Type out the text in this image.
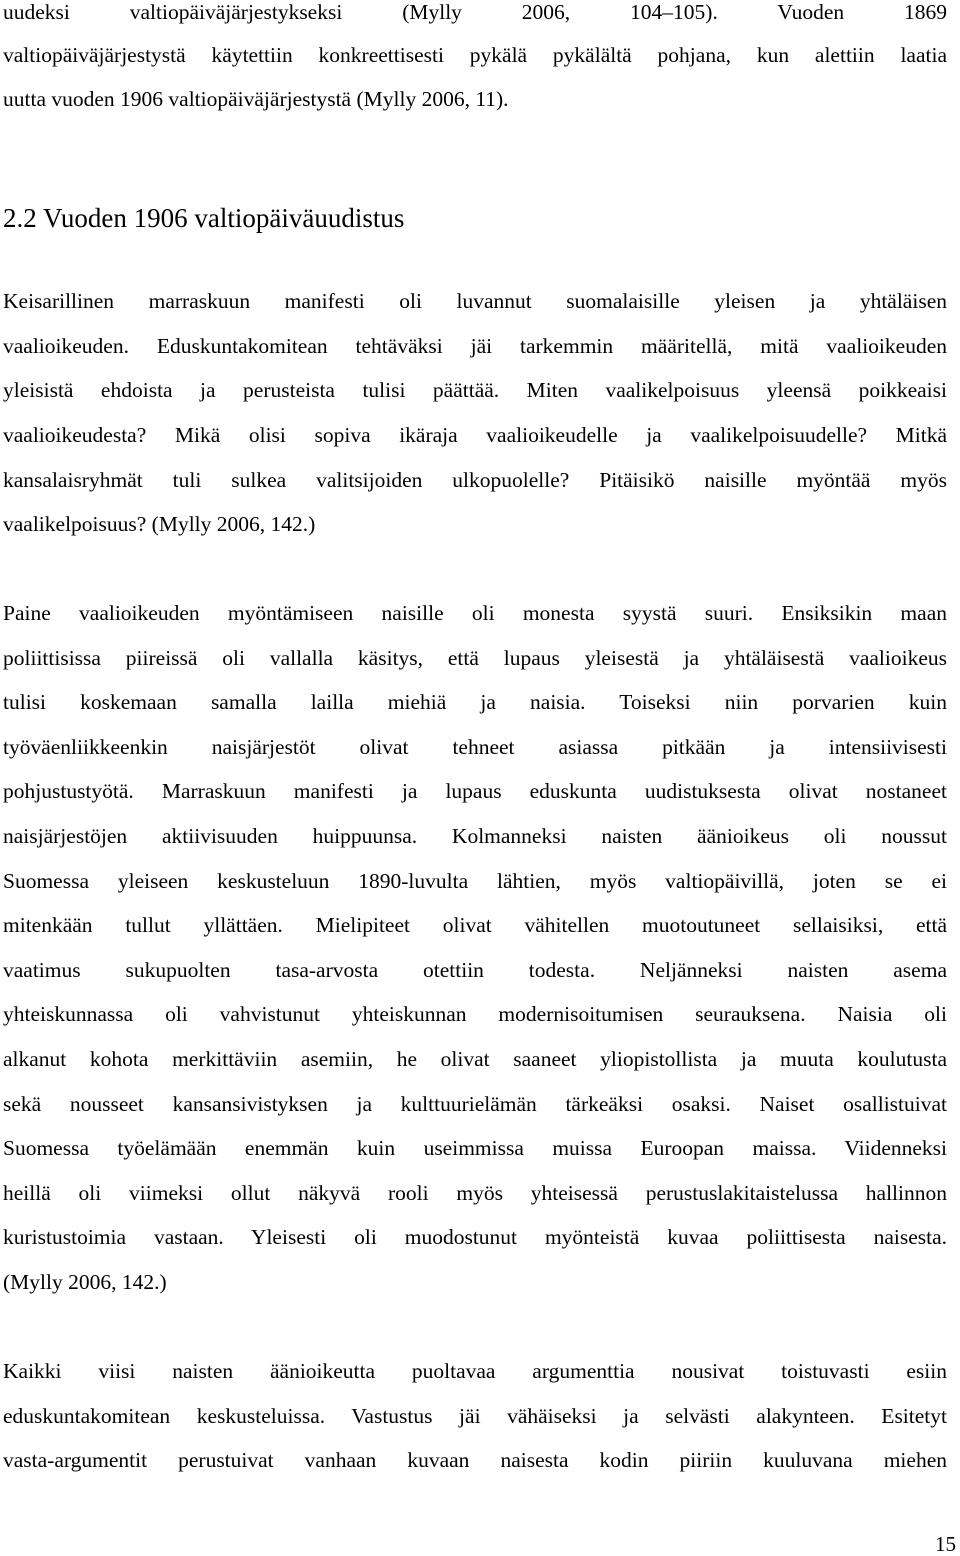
uudeksi valtiopäiväjärjestykseksi (Mylly 2006, 104–105). Vuoden 1869

valtiopäiväjärjestystä käytettiin konkreettisesti pykälä pykälältä pohjana, kun alettiin laatia

uutta vuoden 1906 valtiopäiväjärjestystä (Mylly 2006, 11).

2.2 Vuoden 1906 valtiopäiväuudistus

Keisarillinen marraskuun manifesti oli luvannut suomalaisille yleisen ja yhtäläisen

vaalioikeuden. Eduskuntakomitean tehtäväksi jäi tarkemmin määritellä, mitä vaalioikeuden

yleisistä ehdoista ja perusteista tulisi päättää. Miten vaalikelpoisuus yleensä poikkeaisi

vaalioikeudesta? Mikä olisi sopiva ikäraja vaalioikeudelle ja vaalikelpoisuudelle? Mitkä

kansalaisryhmät tuli sulkea valitsijoiden ulkopuolelle? Pitäisikö naisille myöntää myös

vaalikelpoisuus? (Mylly 2006, 142.)

Paine vaalioikeuden myöntämiseen naisille oli monesta syystä suuri. Ensiksikin maan

poliittisissa piireissä oli vallalla käsitys, että lupaus yleisestä ja yhtäläisestä vaalioikeus

tulisi koskemaan samalla lailla miehiä ja naisia. Toiseksi niin porvarien kuin

työväenliikkeenkin naisjärjestöt olivat tehneet asiassa pitkään ja intensiivisesti

pohjustustyötä. Marraskuun manifesti ja lupaus eduskunta uudistuksesta olivat nostaneet

naisjärjestöjen aktiivisuuden huippuunsa. Kolmanneksi naisten äänioikeus oli noussut

Suomessa yleiseen keskusteluun 1890-luvulta lähtien, myös valtiopäivillä, joten se ei

mitenkään tullut yllättäen. Mielipiteet olivat vähitellen muotoutuneet sellaisiksi, että

vaatimus sukupuolten tasa-arvosta otettiin todesta. Neljänneksi naisten asema

yhteiskunnassa oli vahvistunut yhteiskunnan modernisoitumisen seurauksena. Naisia oli

alkanut kohota merkittäviin asemiin, he olivat saaneet yliopistollista ja muuta koulutusta

sekä nousseet kansansivistyksen ja kulttuurielämän tärkeäksi osaksi. Naiset osallistuivat

Suomessa työelämään enemmän kuin useimmissa muissa Euroopan maissa. Viidenneksi

heillä oli viimeksi ollut näkyvä rooli myös yhteisessä perustuslakitaistelussa hallinnon

kuristustoimia vastaan. Yleisesti oli muodostunut myönteistä kuvaa poliittisesta naisesta.

(Mylly 2006, 142.)

Kaikki viisi naisten äänioikeutta puoltavaa argumenttia nousivat toistuvasti esiin

eduskuntakomitean keskusteluissa. Vastustus jäi vähäiseksi ja selvästi alakynteen. Esitetyt

vasta-argumentit perustuivat vanhaan kuvaan naisesta kodin piiriin kuuluvana miehen

15
